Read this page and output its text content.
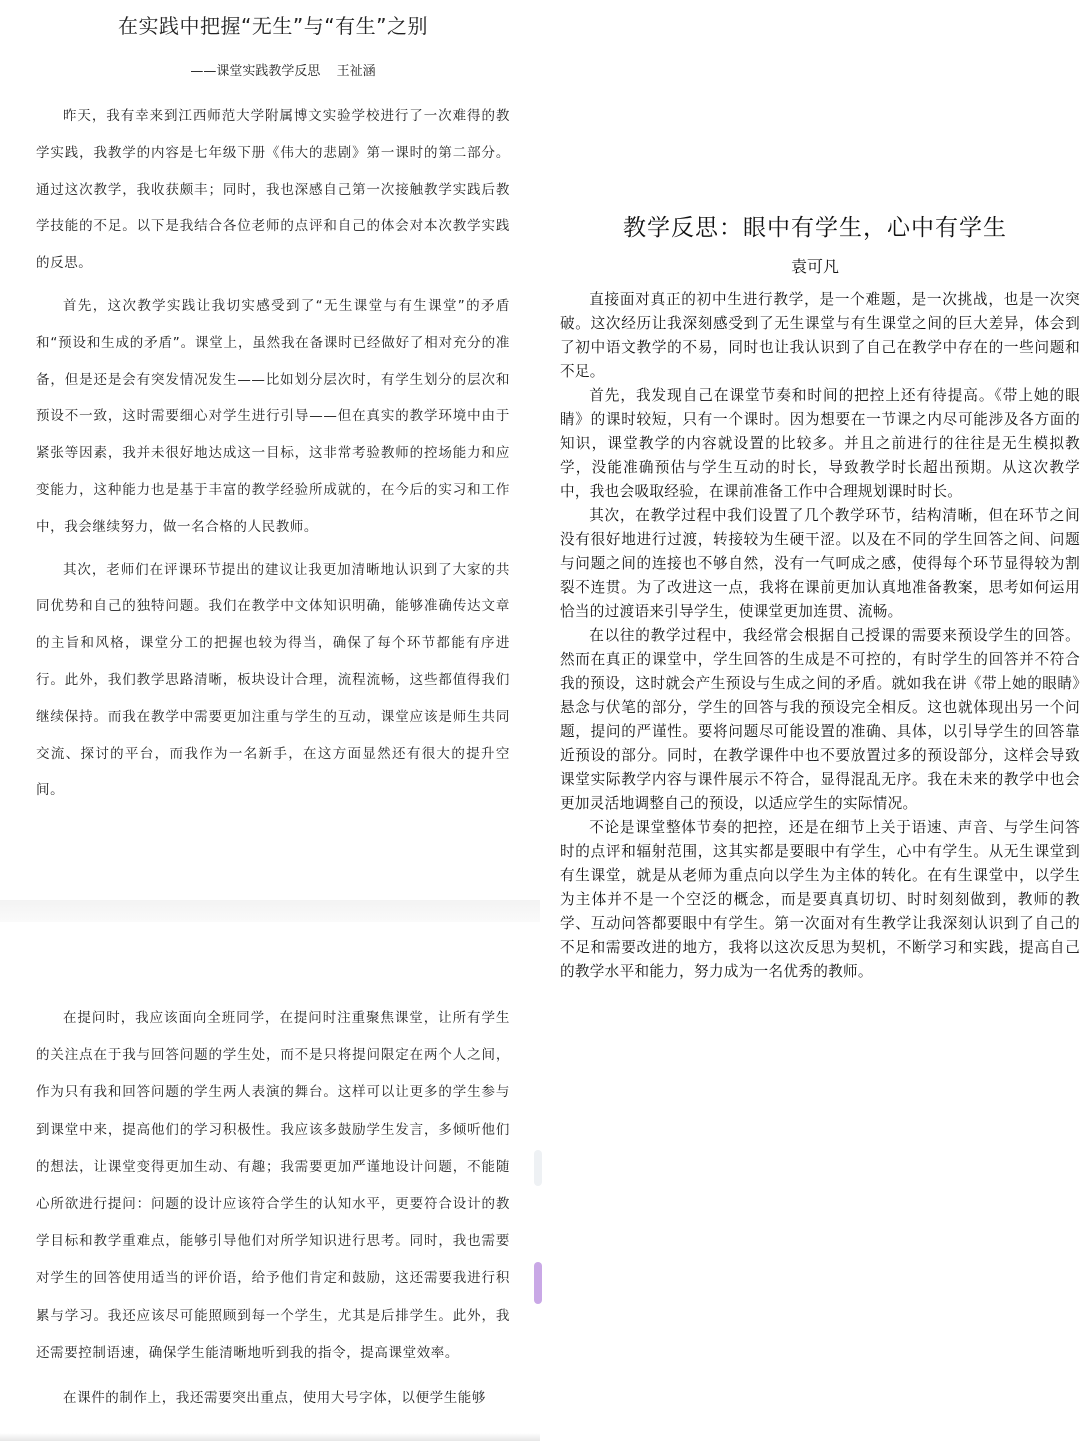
在实践中把握“无生”与“有生”之别
——课堂实践教学反思 王祉涵

昨天，我有幸来到江西师范大学附属博文实验学校进行了一次难得的教学实践，我教学的内容是七年级下册《伟大的悲剧》第一课时的第二部分。通过这次教学，我收获颇丰；同时，我也深感自己第一次接触教学实践后教学技能的不足。以下是我结合各位老师的点评和自己的体会对本次教学实践的反思。

首先，这次教学实践让我切实感受到了“无生课堂与有生课堂”的矛盾和“预设和生成的矛盾”。课堂上，虽然我在备课时已经做好了相对充分的准备，但是还是会有突发情况发生——比如划分层次时，有学生划分的层次和预设不一致，这时需要细心对学生进行引导——但在真实的教学环境中由于紧张等因素，我并未很好地达成这一目标，这非常考验教师的控场能力和应变能力，这种能力也是基于丰富的教学经验所成就的，在今后的实习和工作中，我会继续努力，做一名合格的人民教师。

其次，老师们在评课环节提出的建议让我更加清晰地认识到了大家的共同优势和自己的独特问题。我们在教学中文体知识明确，能够准确传达文章的主旨和风格，课堂分工的把握也较为得当，确保了每个环节都能有序进行。此外，我们教学思路清晰，板块设计合理，流程流畅，这些都值得我们继续保持。而我在教学中需要更加注重与学生的互动，课堂应该是师生共同交流、探讨的平台，而我作为一名新手，在这方面显然还有很大的提升空间。

在提问时，我应该面向全班同学，在提问时注重聚焦课堂，让所有学生的关注点在于我与回答问题的学生处，而不是只将提问限定在两个人之间，作为只有我和回答问题的学生两人表演的舞台。这样可以让更多的学生参与到课堂中来，提高他们的学习积极性。我应该多鼓励学生发言，多倾听他们的想法，让课堂变得更加生动、有趣；我需要更加严谨地设计问题，不能随心所欲进行提问：问题的设计应该符合学生的认知水平，更要符合设计的教学目标和教学重难点，能够引导他们对所学知识进行思考。同时，我也需要对学生的回答使用适当的评价语，给予他们肯定和鼓励，这还需要我进行积累与学习。我还应该尽可能照顾到每一个学生，尤其是后排学生。此外，我还需要控制语速，确保学生能清晰地听到我的指令，提高课堂效率。

在课件的制作上，我还需要突出重点，使用大号字体，以便学生能够

教学反思：眼中有学生，心中有学生
袁可凡

直接面对真正的初中生进行教学，是一个难题，是一次挑战，也是一次突破。这次经历让我深刻感受到了无生课堂与有生课堂之间的巨大差异，体会到了初中语文教学的不易，同时也让我认识到了自己在教学中存在的一些问题和不足。

首先，我发现自己在课堂节奏和时间的把控上还有待提高。《带上她的眼睛》的课时较短，只有一个课时。因为想要在一节课之内尽可能涉及各方面的知识，课堂教学的内容就设置的比较多。并且之前进行的往往是无生模拟教学，没能准确预估与学生互动的时长，导致教学时长超出预期。从这次教学中，我也会吸取经验，在课前准备工作中合理规划课时时长。

其次，在教学过程中我们设置了几个教学环节，结构清晰，但在环节之间没有很好地进行过渡，转接较为生硬干涩。以及在不同的学生回答之间、问题与问题之间的连接也不够自然，没有一气呵成之感，使得每个环节显得较为割裂不连贯。为了改进这一点，我将在课前更加认真地准备教案，思考如何运用恰当的过渡语来引导学生，使课堂更加连贯、流畅。

在以往的教学过程中，我经常会根据自己授课的需要来预设学生的回答。然而在真正的课堂中，学生回答的生成是不可控的，有时学生的回答并不符合我的预设，这时就会产生预设与生成之间的矛盾。就如我在讲《带上她的眼睛》悬念与伏笔的部分，学生的回答与我的预设完全相反。这也就体现出另一个问题，提问的严谨性。要将问题尽可能设置的准确、具体，以引导学生的回答靠近预设的部分。同时，在教学课件中也不要放置过多的预设部分，这样会导致课堂实际教学内容与课件展示不符合，显得混乱无序。我在未来的教学中也会更加灵活地调整自己的预设，以适应学生的实际情况。

不论是课堂整体节奏的把控，还是在细节上关于语速、声音、与学生问答时的点评和辐射范围，这其实都是要眼中有学生，心中有学生。从无生课堂到有生课堂，就是从老师为重点向以学生为主体的转化。在有生课堂中，以学生为主体并不是一个空泛的概念，而是要真真切切、时时刻刻做到，教师的教学、互动问答都要眼中有学生。第一次面对有生教学让我深刻认识到了自己的不足和需要改进的地方，我将以这次反思为契机，不断学习和实践，提高自己的教学水平和能力，努力成为一名优秀的教师。
